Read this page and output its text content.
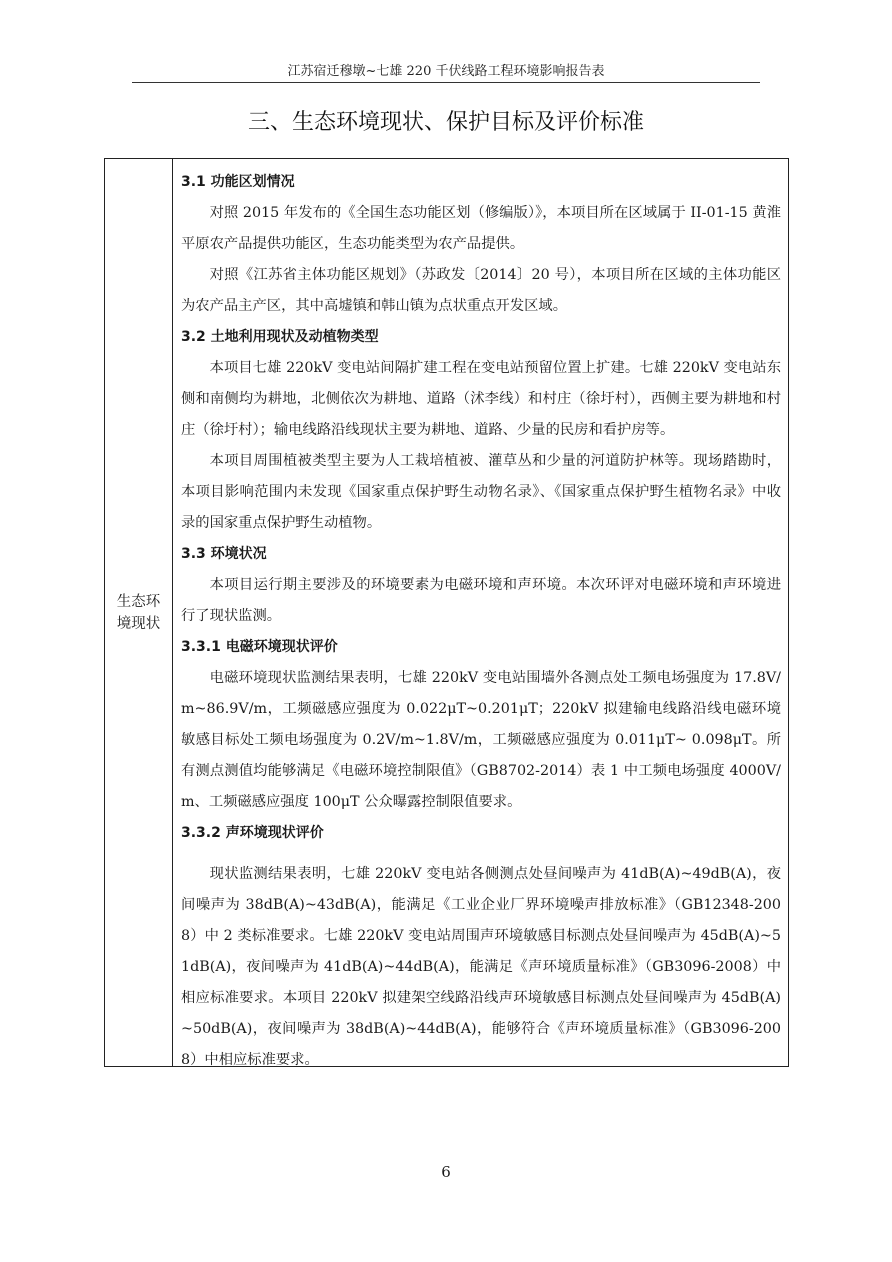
江苏宿迁穆墩~七雄 220 千伏线路工程环境影响报告表
三、生态环境现状、保护目标及评价标准
生态环境现状

3.1 功能区划情况

对照 2015 年发布的《全国生态功能区划（修编版）》，本项目所在区域属于 II-01-15 黄淮平原农产品提供功能区，生态功能类型为农产品提供。

对照《江苏省主体功能区规划》（苏政发〔2014〕20 号），本项目所在区域的主体功能区为农产品主产区，其中高墟镇和韩山镇为点状重点开发区域。

3.2 土地利用现状及动植物类型

本项目七雄 220kV 变电站间隔扩建工程在变电站预留位置上扩建。七雄 220kV 变电站东侧和南侧均为耕地，北侧依次为耕地、道路（沭李线）和村庄（徐圩村），西侧主要为耕地和村庄（徐圩村）；输电线路沿线现状主要为耕地、道路、少量的民房和看护房等。

本项目周围植被类型主要为人工栽培植被、灌草丛和少量的河道防护林等。现场踏勘时，本项目影响范围内未发现《国家重点保护野生动物名录》、《国家重点保护野生植物名录》中收录的国家重点保护野生动植物。

3.3 环境状况

本项目运行期主要涉及的环境要素为电磁环境和声环境。本次环评对电磁环境和声环境进行了现状监测。

3.3.1 电磁环境现状评价

电磁环境现状监测结果表明，七雄 220kV 变电站围墙外各测点处工频电场强度为 17.8V/m~86.9V/m，工频磁感应强度为 0.022μT~0.201μT；220kV 拟建输电线路沿线电磁环境敏感目标处工频电场强度为 0.2V/m~1.8V/m，工频磁感应强度为 0.011μT~ 0.098μT。所有测点测值均能够满足《电磁环境控制限值》（GB8702-2014）表 1 中工频电场强度 4000V/m、工频磁感应强度 100μT 公众曝露控制限值要求。

3.3.2 声环境现状评价

现状监测结果表明，七雄 220kV 变电站各侧测点处昼间噪声为 41dB(A)~49dB(A)，夜间噪声为 38dB(A)~43dB(A)，能满足《工业企业厂界环境噪声排放标准》（GB12348-2008）中 2 类标准要求。七雄 220kV 变电站周围声环境敏感目标测点处昼间噪声为 45dB(A)~51dB(A)，夜间噪声为 41dB(A)~44dB(A)，能满足《声环境质量标准》（GB3096-2008）中相应标准要求。本项目 220kV 拟建架空线路沿线声环境敏感目标测点处昼间噪声为 45dB(A)~50dB(A)，夜间噪声为 38dB(A)~44dB(A)，能够符合《声环境质量标准》（GB3096-2008）中相应标准要求。

6
